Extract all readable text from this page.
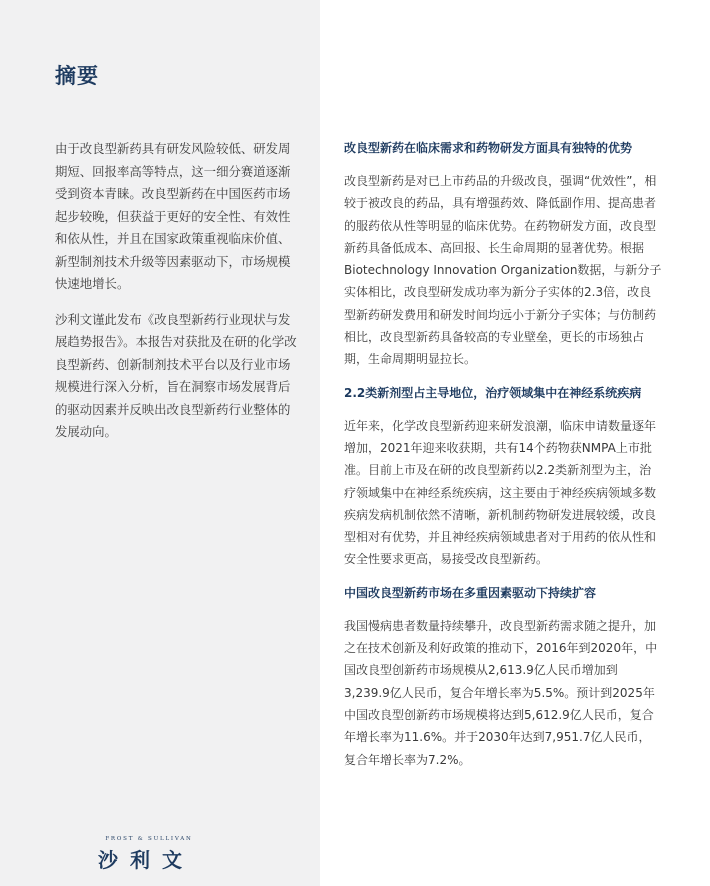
摘要

由于改良型新药具有研发风险较低、研发周期短、回报率高等特点，这一细分赛道逐渐受到资本青睐。改良型新药在中国医药市场起步较晚，但获益于更好的安全性、有效性和依从性，并且在国家政策重视临床价值、新型制剂技术升级等因素驱动下，市场规模快速地增长。

沙利文谨此发布《改良型新药行业现状与发展趋势报告》。本报告对获批及在研的化学改良型新药、创新制剂技术平台以及行业市场规模进行深入分析，旨在洞察市场发展背后的驱动因素并反映出改良型新药行业整体的发展动向。

改良型新药在临床需求和药物研发方面具有独特的优势

改良型新药是对已上市药品的升级改良，强调“优效性”，相较于被改良的药品，具有增强药效、降低副作用、提高患者的服药依从性等明显的临床优势。在药物研发方面，改良型新药具备低成本、高回报、长生命周期的显著优势。根据Biotechnology Innovation Organization数据，与新分子实体相比，改良型研发成功率为新分子实体的2.3倍，改良型新药研发费用和研发时间均远小于新分子实体；与仿制药相比，改良型新药具备较高的专业壁垒，更长的市场独占期，生命周期明显拉长。

2.2类新剂型占主导地位，治疗领域集中在神经系统疾病

近年来，化学改良型新药迎来研发浪潮，临床申请数量逐年增加，2021年迎来收获期，共有14个药物获NMPA上市批准。目前上市及在研的改良型新药以2.2类新剂型为主，治疗领域集中在神经系统疾病，这主要由于神经疾病领域多数疾病发病机制依然不清晰，新机制药物研发进展较缓，改良型相对有优势，并且神经疾病领域患者对于用药的依从性和安全性要求更高，易接受改良型新药。

中国改良型新药市场在多重因素驱动下持续扩容

我国慢病患者数量持续攀升，改良型新药需求随之提升，加之在技术创新及利好政策的推动下，2016年到2020年，中国改良型创新药市场规模从2,613.9亿人民币增加到3,239.9亿人民币，复合年增长率为5.5%。预计到2025年中国改良型创新药市场规模将达到5,612.9亿人民币，复合年增长率为11.6%。并于2030年达到7,951.7亿人民币，复合年增长率为7.2%。

FROST & SULLIVAN
沙利文
